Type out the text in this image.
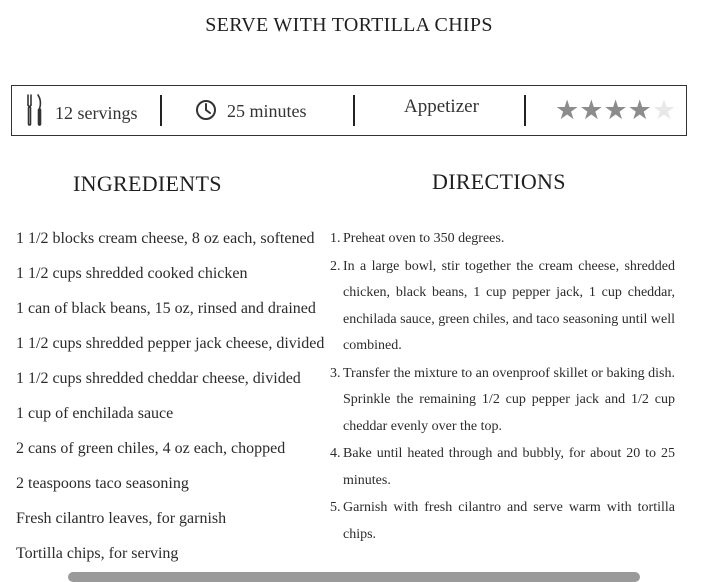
SERVE WITH TORTILLA CHIPS
12 servings	25 minutes	Appetizer	★ ★ ★ ★ ★
INGREDIENTS	DIRECTIONS
1 1/2 blocks cream cheese, 8 oz each, softened
1 1/2 cups shredded cooked chicken
1 can of black beans, 15 oz, rinsed and drained
1 1/2 cups shredded pepper jack cheese, divided
1 1/2 cups shredded cheddar cheese, divided
1 cup of enchilada sauce
2 cans of green chiles, 4 oz each, chopped
2 teaspoons taco seasoning
Fresh cilantro leaves, for garnish
Tortilla chips, for serving
1. Preheat oven to 350 degrees.
2. In a large bowl, stir together the cream cheese, shredded chicken, black beans, 1 cup pepper jack, 1 cup cheddar, enchilada sauce, green chiles, and taco seasoning until well combined.
3. Transfer the mixture to an ovenproof skillet or baking dish. Sprinkle the remaining 1/2 cup pepper jack and 1/2 cup cheddar evenly over the top.
4. Bake until heated through and bubbly, for about 20 to 25 minutes.
5. Garnish with fresh cilantro and serve warm with tortilla chips.
